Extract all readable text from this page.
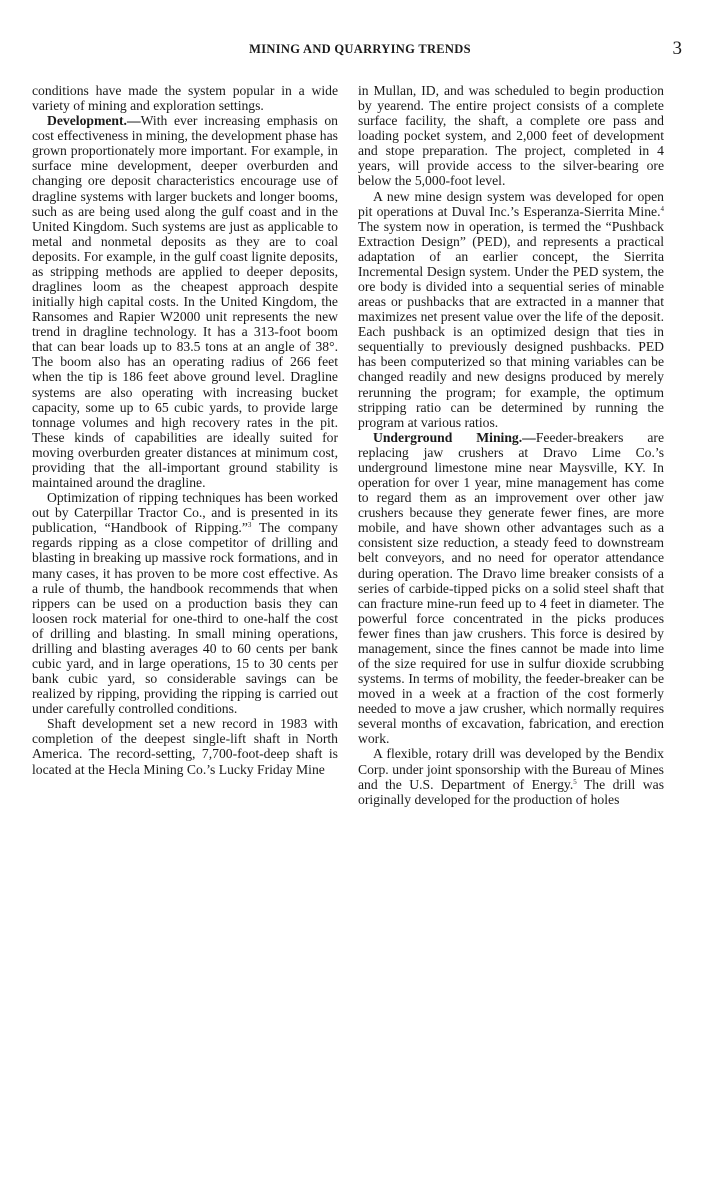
MINING AND QUARRYING TRENDS	3

conditions have made the system popular in a wide variety of mining and exploration settings.

Development.—With ever increasing emphasis on cost effectiveness in mining, the development phase has grown proportionately more important. For example, in surface mine development, deeper overburden and changing ore deposit characteristics encourage use of dragline systems with larger buckets and longer booms, such as are being used along the gulf coast and in the United Kingdom. Such systems are just as applicable to metal and nonmetal deposits as they are to coal deposits. For example, in the gulf coast lignite deposits, as stripping methods are applied to deeper deposits, draglines loom as the cheapest approach despite initially high capital costs. In the United Kingdom, the Ransomes and Rapier W2000 unit represents the new trend in dragline technology. It has a 313-foot boom that can bear loads up to 83.5 tons at an angle of 38°. The boom also has an operating radius of 266 feet when the tip is 186 feet above ground level. Dragline systems are also operating with increasing bucket capacity, some up to 65 cubic yards, to provide large tonnage volumes and high recovery rates in the pit. These kinds of capabilities are ideally suited for moving overburden greater distances at minimum cost, providing that the all-important ground stability is maintained around the dragline.

Optimization of ripping techniques has been worked out by Caterpillar Tractor Co., and is presented in its publication, “Handbook of Ripping.”$^3$ The company regards ripping as a close competitor of drilling and blasting in breaking up massive rock formations, and in many cases, it has proven to be more cost effective. As a rule of thumb, the handbook recommends that when rippers can be used on a production basis they can loosen rock material for one-third to one-half the cost of drilling and blasting. In small mining operations, drilling and blasting averages 40 to 60 cents per bank cubic yard, and in large operations, 15 to 30 cents per bank cubic yard, so considerable savings can be realized by ripping, providing the ripping is carried out under carefully controlled conditions.

Shaft development set a new record in 1983 with completion of the deepest single-lift shaft in North America. The record-setting, 7,700-foot-deep shaft is located at the Hecla Mining Co.’s Lucky Friday Mine

in Mullan, ID, and was scheduled to begin production by yearend. The entire project consists of a complete surface facility, the shaft, a complete ore pass and loading pocket system, and 2,000 feet of development and stope preparation. The project, completed in 4 years, will provide access to the silver-bearing ore below the 5,000-foot level.

A new mine design system was developed for open pit operations at Duval Inc.’s Esperanza-Sierrita Mine.$^4$ The system now in operation, is termed the “Pushback Extraction Design” (PED), and represents a practical adaptation of an earlier concept, the Sierrita Incremental Design system. Under the PED system, the ore body is divided into a sequential series of minable areas or pushbacks that are extracted in a manner that maximizes net present value over the life of the deposit. Each pushback is an optimized design that ties in sequentially to previously designed pushbacks. PED has been computerized so that mining variables can be changed readily and new designs produced by merely rerunning the program; for example, the optimum stripping ratio can be determined by running the program at various ratios.

Underground Mining.—Feeder-breakers are replacing jaw crushers at Dravo Lime Co.’s underground limestone mine near Maysville, KY. In operation for over 1 year, mine management has come to regard them as an improvement over other jaw crushers because they generate fewer fines, are more mobile, and have shown other advantages such as a consistent size reduction, a steady feed to downstream belt conveyors, and no need for operator attendance during operation. The Dravo lime breaker consists of a series of carbide-tipped picks on a solid steel shaft that can fracture mine-run feed up to 4 feet in diameter. The powerful force concentrated in the picks produces fewer fines than jaw crushers. This force is desired by management, since the fines cannot be made into lime of the size required for use in sulfur dioxide scrubbing systems. In terms of mobility, the feeder-breaker can be moved in a week at a fraction of the cost formerly needed to move a jaw crusher, which normally requires several months of excavation, fabrication, and erection work.

A flexible, rotary drill was developed by the Bendix Corp. under joint sponsorship with the Bureau of Mines and the U.S. Department of Energy.$^5$ The drill was originally developed for the production of holes
